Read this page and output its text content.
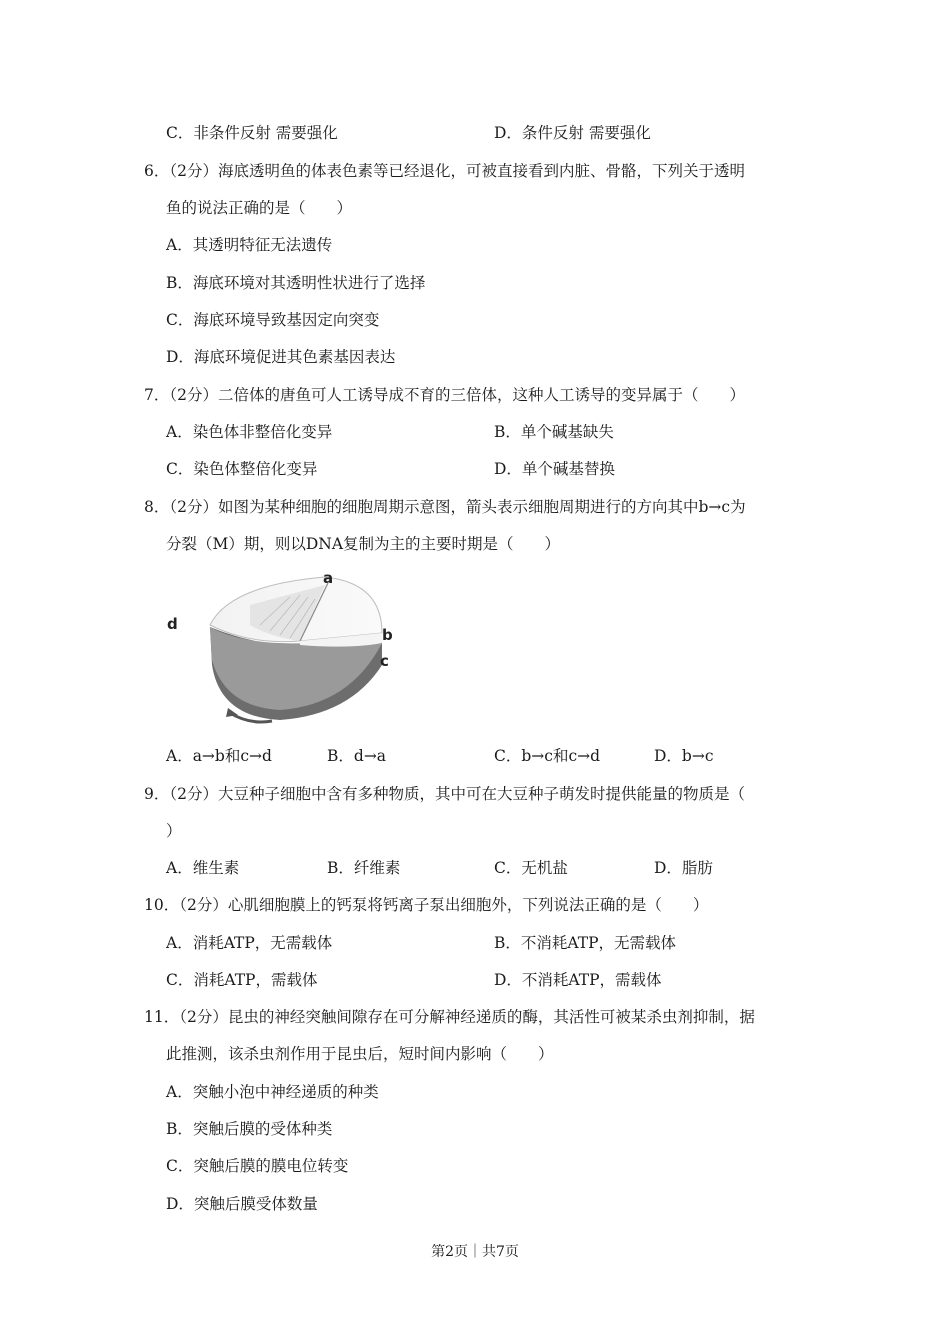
C．非条件反射 需要强化	D．条件反射 需要强化
6．（2分）海底透明鱼的体表色素等已经退化，可被直接看到内脏、骨骼，下列关于透明
鱼的说法正确的是（　　）
A．其透明特征无法遗传
B．海底环境对其透明性状进行了选择
C．海底环境导致基因定向突变
D．海底环境促进其色素基因表达
7．（2分）二倍体的唐鱼可人工诱导成不育的三倍体，这种人工诱导的变异属于（　　）
A．染色体非整倍化变异	B．单个碱基缺失
C．染色体整倍化变异	D．单个碱基替换
8．（2分）如图为某种细胞的细胞周期示意图，箭头表示细胞周期进行的方向其中b→c为
分裂（M）期，则以DNA复制为主的主要时期是（　　）
a
b
c
d
A．a→b和c→d	B．d→a	C．b→c和c→d	D．b→c
9．（2分）大豆种子细胞中含有多种物质，其中可在大豆种子萌发时提供能量的物质是（
）
A．维生素	B．纤维素	C．无机盐	D．脂肪
10．（2分）心肌细胞膜上的钙泵将钙离子泵出细胞外，下列说法正确的是（　　）
A．消耗ATP，无需载体	B．不消耗ATP，无需载体
C．消耗ATP，需载体	D．不消耗ATP，需载体
11．（2分）昆虫的神经突触间隙存在可分解神经递质的酶，其活性可被某杀虫剂抑制，据
此推测，该杀虫剂作用于昆虫后，短时间内影响（　　）
A．突触小泡中神经递质的种类
B．突触后膜的受体种类
C．突触后膜的膜电位转变
D．突触后膜受体数量
第2页｜共7页
